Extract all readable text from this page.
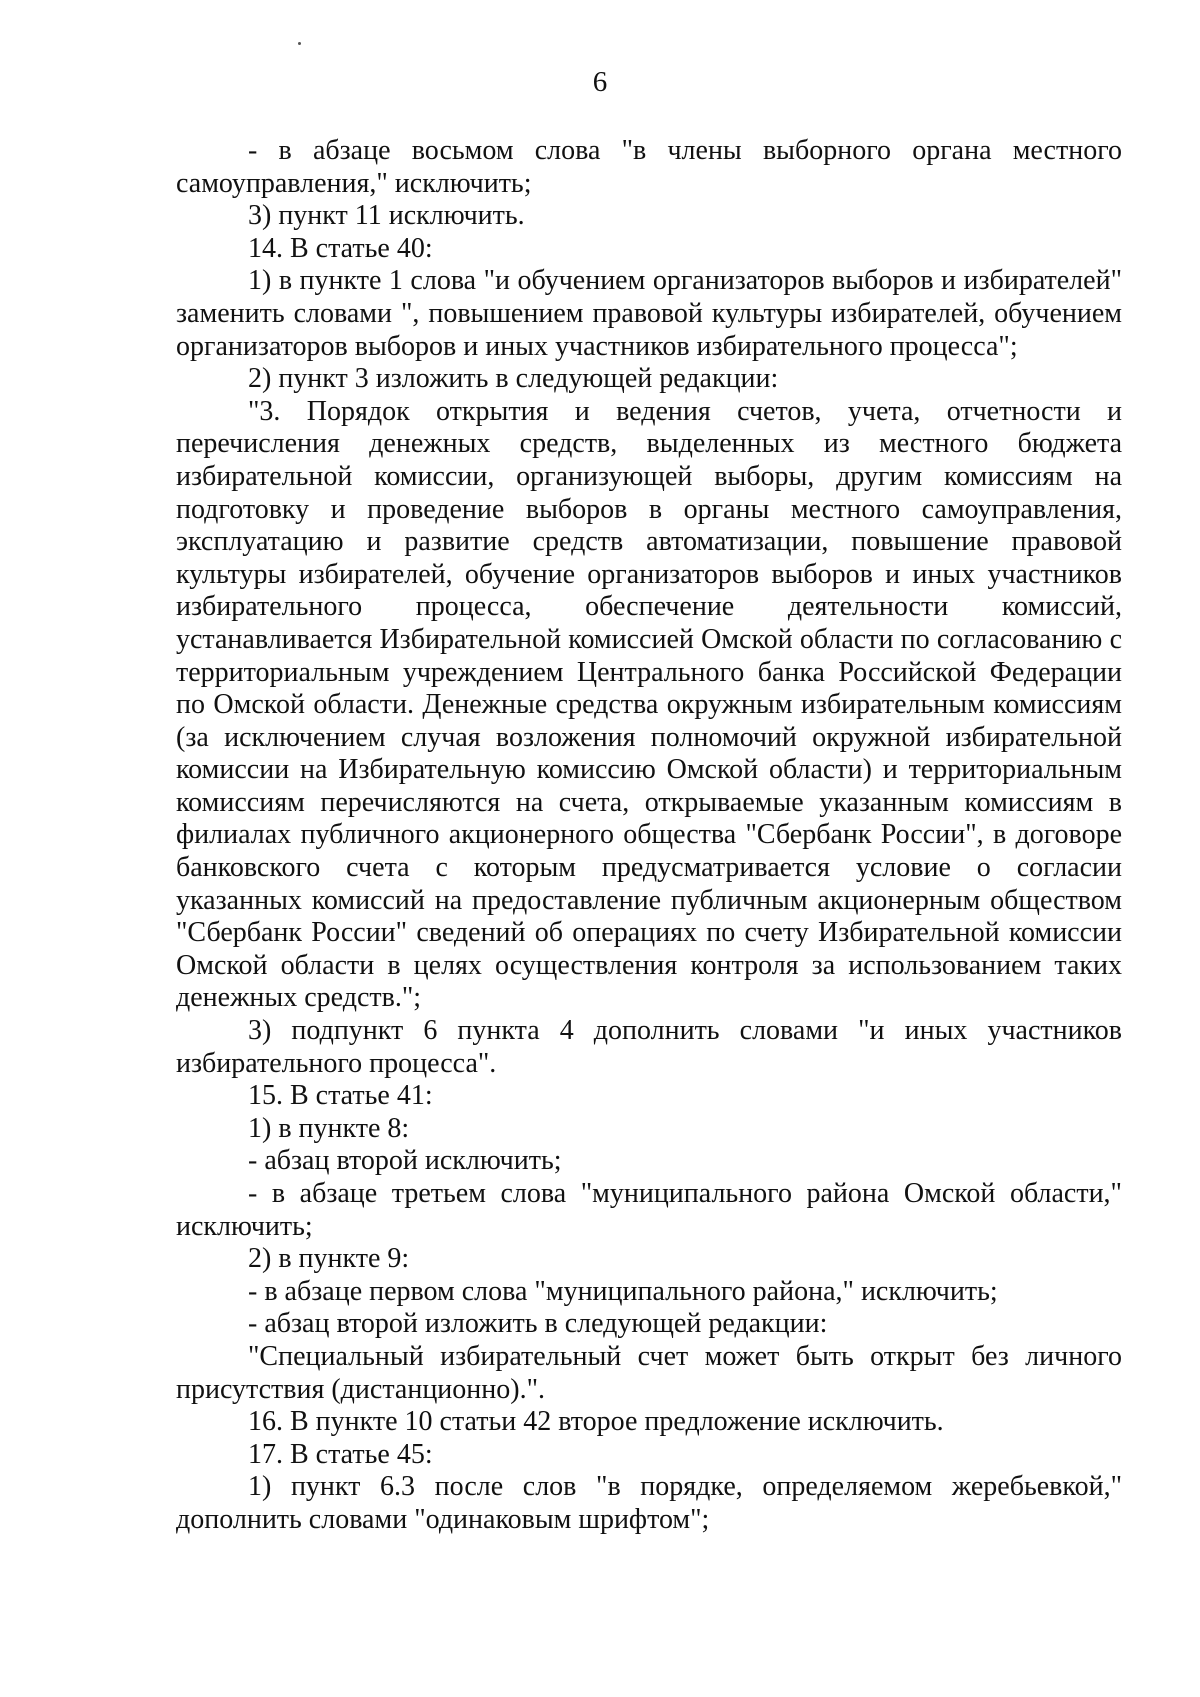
6

- в абзаце восьмом слова "в члены выборного органа местного самоуправления," исключить;

3) пункт 11 исключить.

14. В статье 40:

1) в пункте 1 слова "и обучением организаторов выборов и избирателей" заменить словами ", повышением правовой культуры избирателей, обучением организаторов выборов и иных участников избирательного процесса";

2) пункт 3 изложить в следующей редакции:

"3. Порядок открытия и ведения счетов, учета, отчетности и перечисления денежных средств, выделенных из местного бюджета избирательной комиссии, организующей выборы, другим комиссиям на подготовку и проведение выборов в органы местного самоуправления, эксплуатацию и развитие средств автоматизации, повышение правовой культуры избирателей, обучение организаторов выборов и иных участников избирательного процесса, обеспечение деятельности комиссий, устанавливается Избирательной комиссией Омской области по согласованию с территориальным учреждением Центрального банка Российской Федерации по Омской области. Денежные средства окружным избирательным комиссиям (за исключением случая возложения полномочий окружной избирательной комиссии на Избирательную комиссию Омской области) и территориальным комиссиям перечисляются на счета, открываемые указанным комиссиям в филиалах публичного акционерного общества "Сбербанк России", в договоре банковского счета с которым предусматривается условие о согласии указанных комиссий на предоставление публичным акционерным обществом "Сбербанк России" сведений об операциях по счету Избирательной комиссии Омской области в целях осуществления контроля за использованием таких денежных средств.";

3) подпункт 6 пункта 4 дополнить словами "и иных участников избирательного процесса".

15. В статье 41:

1) в пункте 8:

- абзац второй исключить;

- в абзаце третьем слова "муниципального района Омской области," исключить;

2) в пункте 9:

- в абзаце первом слова "муниципального района," исключить;

- абзац второй изложить в следующей редакции:

"Специальный избирательный счет может быть открыт без личного присутствия (дистанционно).".

16. В пункте 10 статьи 42 второе предложение исключить.

17. В статье 45:

1) пункт 6.3 после слов "в порядке, определяемом жеребьевкой," дополнить словами "одинаковым шрифтом";
